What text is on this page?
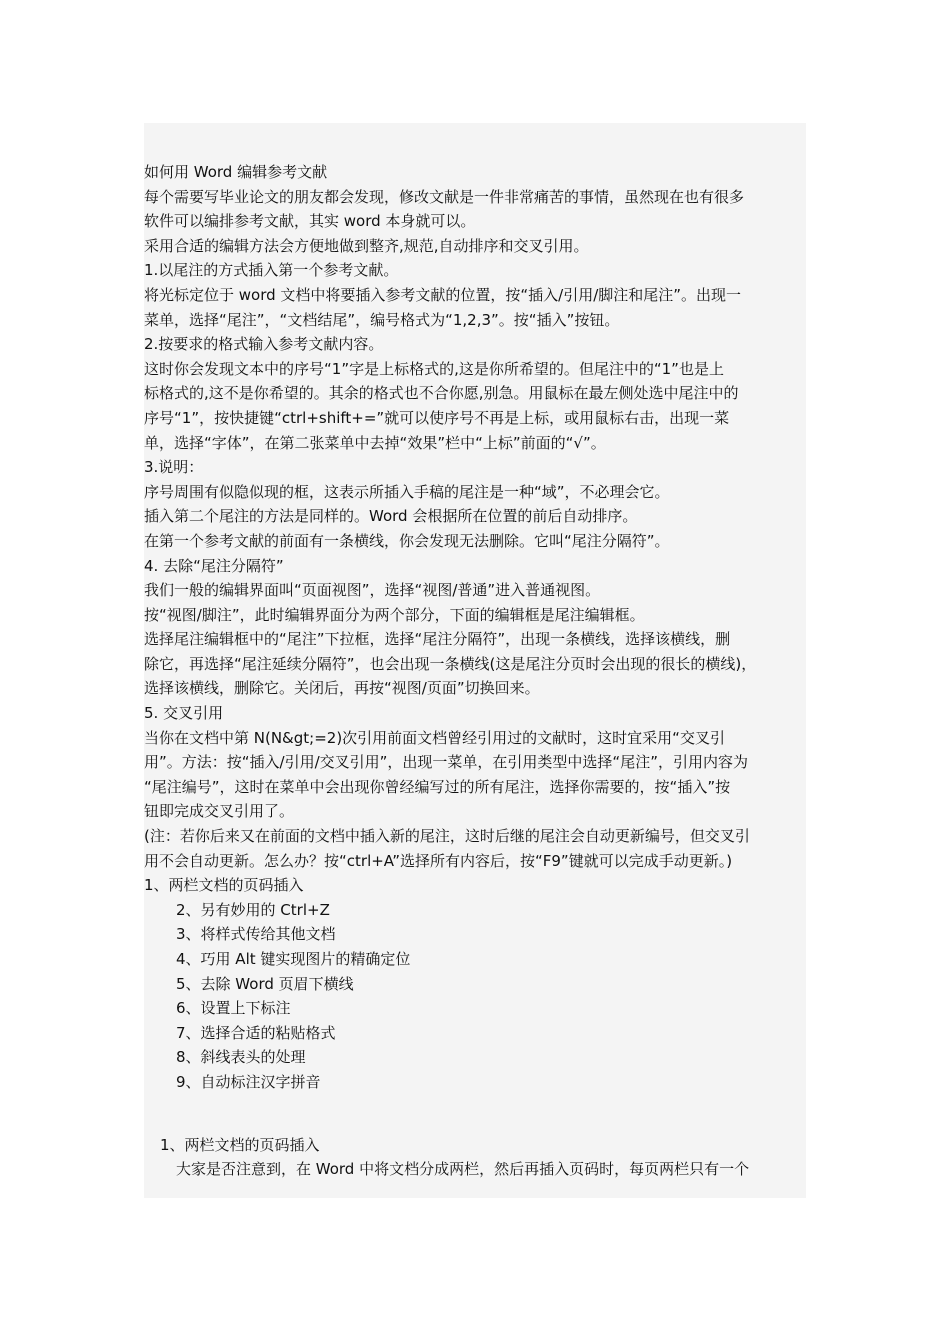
如何用 Word 编辑参考文献
每个需要写毕业论文的朋友都会发现，修改文献是一件非常痛苦的事情，虽然现在也有很多
软件可以编排参考文献，其实 word 本身就可以。
采用合适的编辑方法会方便地做到整齐,规范,自动排序和交叉引用。
1.以尾注的方式插入第一个参考文献。
将光标定位于 word 文档中将要插入参考文献的位置，按“插入/引用/脚注和尾注”。出现一
菜单，选择“尾注”，“文档结尾”，编号格式为“1,2,3”。按“插入”按钮。
2.按要求的格式输入参考文献内容。
这时你会发现文本中的序号“1”字是上标格式的,这是你所希望的。但尾注中的“1”也是上
标格式的,这不是你希望的。其余的格式也不合你愿,别急。用鼠标在最左侧处选中尾注中的
序号“1”，按快捷键“ctrl+shift+=”就可以使序号不再是上标，或用鼠标右击，出现一菜
单，选择“字体”，在第二张菜单中去掉“效果”栏中“上标”前面的“√”。
3.说明：
序号周围有似隐似现的框，这表示所插入手稿的尾注是一种“域”，不必理会它。
插入第二个尾注的方法是同样的。Word 会根据所在位置的前后自动排序。
在第一个参考文献的前面有一条横线，你会发现无法删除。它叫“尾注分隔符”。
4. 去除“尾注分隔符”
我们一般的编辑界面叫“页面视图”，选择“视图/普通”进入普通视图。
按“视图/脚注”，此时编辑界面分为两个部分，下面的编辑框是尾注编辑框。
选择尾注编辑框中的“尾注”下拉框，选择“尾注分隔符”，出现一条横线，选择该横线，删
除它，再选择“尾注延续分隔符”，也会出现一条横线(这是尾注分页时会出现的很长的横线)，
选择该横线，删除它。关闭后，再按“视图/页面”切换回来。
5. 交叉引用
当你在文档中第 N(N&gt;=2)次引用前面文档曾经引用过的文献时，这时宜采用“交叉引
用”。方法：按“插入/引用/交叉引用”，出现一菜单，在引用类型中选择“尾注”，引用内容为
“尾注编号”，这时在菜单中会出现你曾经编写过的所有尾注，选择你需要的，按“插入”按
钮即完成交叉引用了。
(注：若你后来又在前面的文档中插入新的尾注，这时后继的尾注会自动更新编号，但交叉引
用不会自动更新。怎么办？按“ctrl+A”选择所有内容后，按“F9”键就可以完成手动更新。)
1、两栏文档的页码插入
2、另有妙用的 Ctrl+Z
3、将样式传给其他文档
4、巧用 Alt 键实现图片的精确定位
5、去除 Word 页眉下横线
6、设置上下标注
7、选择合适的粘贴格式
8、斜线表头的处理
9、自动标注汉字拼音
1、两栏文档的页码插入
大家是否注意到，在 Word 中将文档分成两栏，然后再插入页码时，每页两栏只有一个
